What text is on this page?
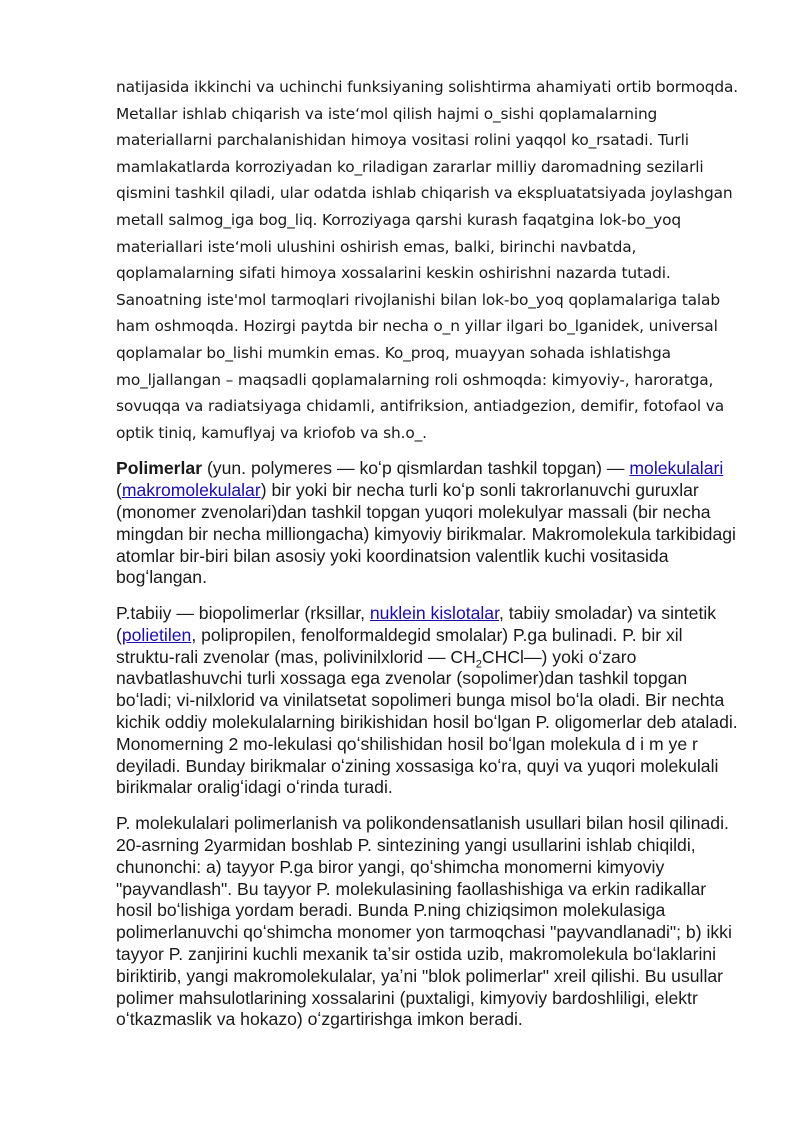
natijasida ikkinchi va uchinchi funksiyaning solishtirma ahamiyati ortib bormoqda. Metallar ishlab chiqarish va iste‘mol qilish hajmi o_sishi qoplamalarning materiallarni parchalanishidan himoya vositasi rolini yaqqol ko_rsatadi. Turli mamlakatlarda korroziyadan ko_riladigan zararlar milliy daromadning sezilarli qismini tashkil qiladi, ular odatda ishlab chiqarish va ekspluatatsiyada joylashgan metall salmog_iga bog_liq. Korroziyaga qarshi kurash faqatgina lok-bo_yoq materiallari iste‘moli ulushini oshirish emas, balki, birinchi navbatda, qoplamalarning sifati himoya xossalarini keskin oshirishni nazarda tutadi. Sanoatning iste'mol tarmoqlari rivojlanishi bilan lok-bo_yoq qoplamalariga talab ham oshmoqda. Hozirgi paytda bir necha o_n yillar ilgari bo_lganidek, universal qoplamalar bo_lishi mumkin emas. Ko_proq, muayyan sohada ishlatishga mo_ljallangan – maqsadli qoplamalarning roli oshmoqda: kimyoviy-, haroratga, sovuqqa va radiatsiyaga chidamli, antifriksion, antiadgezion, demifir, fotofaol va optik tiniq, kamuflyaj va kriofob va sh.o_.

Polimerlar (yun. polymeres — koʻp qismlardan tashkil topgan) — molekulalari (makromolekulalar) bir yoki bir necha turli koʻp sonli takrorlanuvchi guruxlar (monomer zvenolari)dan tashkil topgan yuqori molekulyar massali (bir necha mingdan bir necha milliongacha) kimyoviy birikmalar. Makromolekula tarkibidagi atomlar bir-biri bilan asosiy yoki koordinatsion valentlik kuchi vositasida bogʻlangan.

P.tabiiy — biopolimerlar (rksillar, nuklein kislotalar, tabiiy smoladar) va sintetik (polietilen, polipropilen, fenolformaldegid smolalar) P.ga bulinadi. P. bir xil struktu-rali zvenolar (mas, polivinilxlorid — $CH_2CHCl—$) yoki oʻzaro navbatlashuvchi turli xossaga ega zvenolar (sopolimer)dan tashkil topgan boʻladi; vi-nilxlorid va vinilatsetat sopolimeri bunga misol boʻla oladi. Bir nechta kichik oddiy molekulalarning birikishidan hosil boʻlgan P. oligomerlar deb ataladi. Monomerning 2 mo-lekulasi qoʻshilishidan hosil boʻlgan molekula d i m ye r deyiladi. Bunday birikmalar oʻzining xossasiga koʻra, quyi va yuqori molekulali birikmalar oraligʻidagi oʻrinda turadi.

P. molekulalari polimerlanish va polikondensatlanish usullari bilan hosil qilinadi. 20-asrning 2yarmidan boshlab P. sintezining yangi usullarini ishlab chiqildi, chunonchi: a) tayyor P.ga biror yangi, qoʻshimcha monomerni kimyoviy "payvandlash". Bu tayyor P. molekulasining faollashishiga va erkin radikallar hosil boʻlishiga yordam beradi. Bunda P.ning chiziqsimon molekulasiga polimerlanuvchi qoʻshimcha monomer yon tarmoqchasi "payvandlanadi"; b) ikki tayyor P. zanjirini kuchli mexanik taʼsir ostida uzib, makromolekula boʻlaklarini biriktirib, yangi makromolekulalar, yaʼni "blok polimerlar" xreil qilishi. Bu usullar polimer mahsulotlarining xossalarini (puxtaligi, kimyoviy bardoshliligi, elektr oʻtkazmaslik va hokazo) oʻzgartirishga imkon beradi.
